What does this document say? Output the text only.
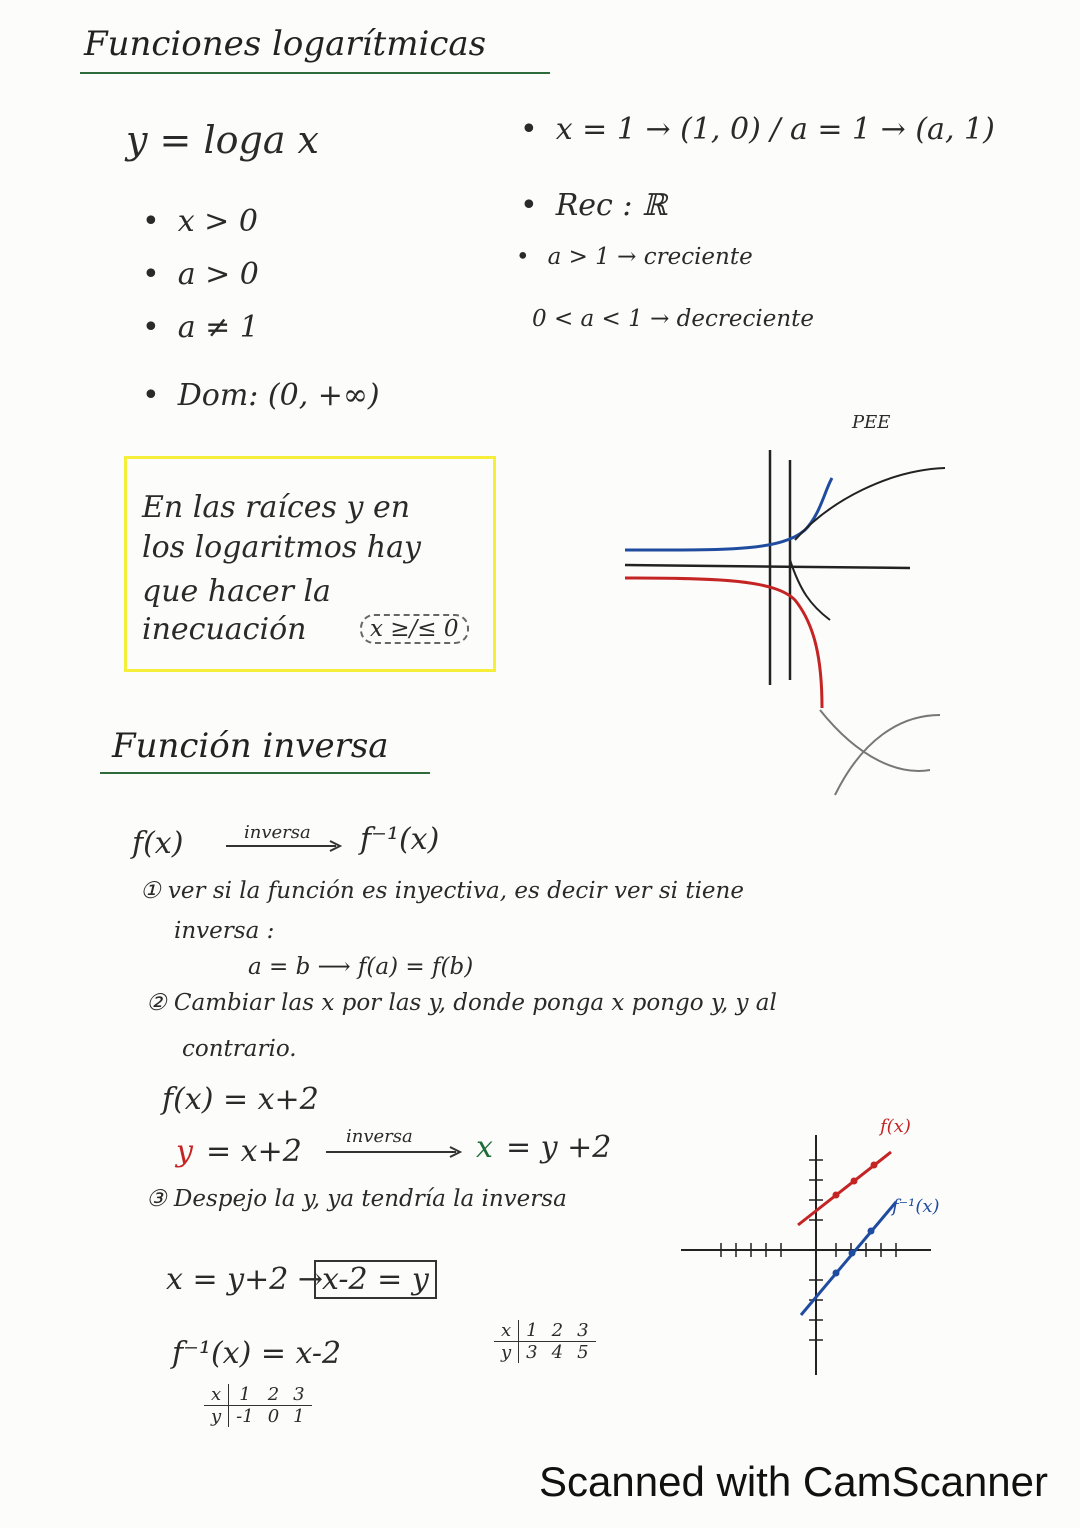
Funciones logarítmicas
y = loga x
• x > 0
• a > 0
• a ≠ 1
• Dom: (0, +∞)
• x = 1 → (1, 0) / a = 1 → (a, 1)
• Rec : ℝ
• a > 1 → creciente
0 < a < 1 → decreciente
En las raíces y en
los logaritmos hay
que hacer la
inecuación	x ≥/≤ 0
PEE
Función inversa
f(x)	inversa f⁻¹(x)
① ver si la función es inyectiva, es decir ver si tiene
inversa :
a = b ⟶ f(a) = f(b)
② Cambiar las x por las y, donde ponga x pongo y, y al
contrario.
f(x) = x+2
y = x+2 inversa x = y +2
③ Despejo la y, ya tendría la inversa
x = y+2 → x-2 = y
f⁻¹(x) = x-2
x	1	2	3
y	-1	0	1
x	1	2	3
y	3	4	5
f(x)
f⁻¹(x)
Scanned with CamScanner
